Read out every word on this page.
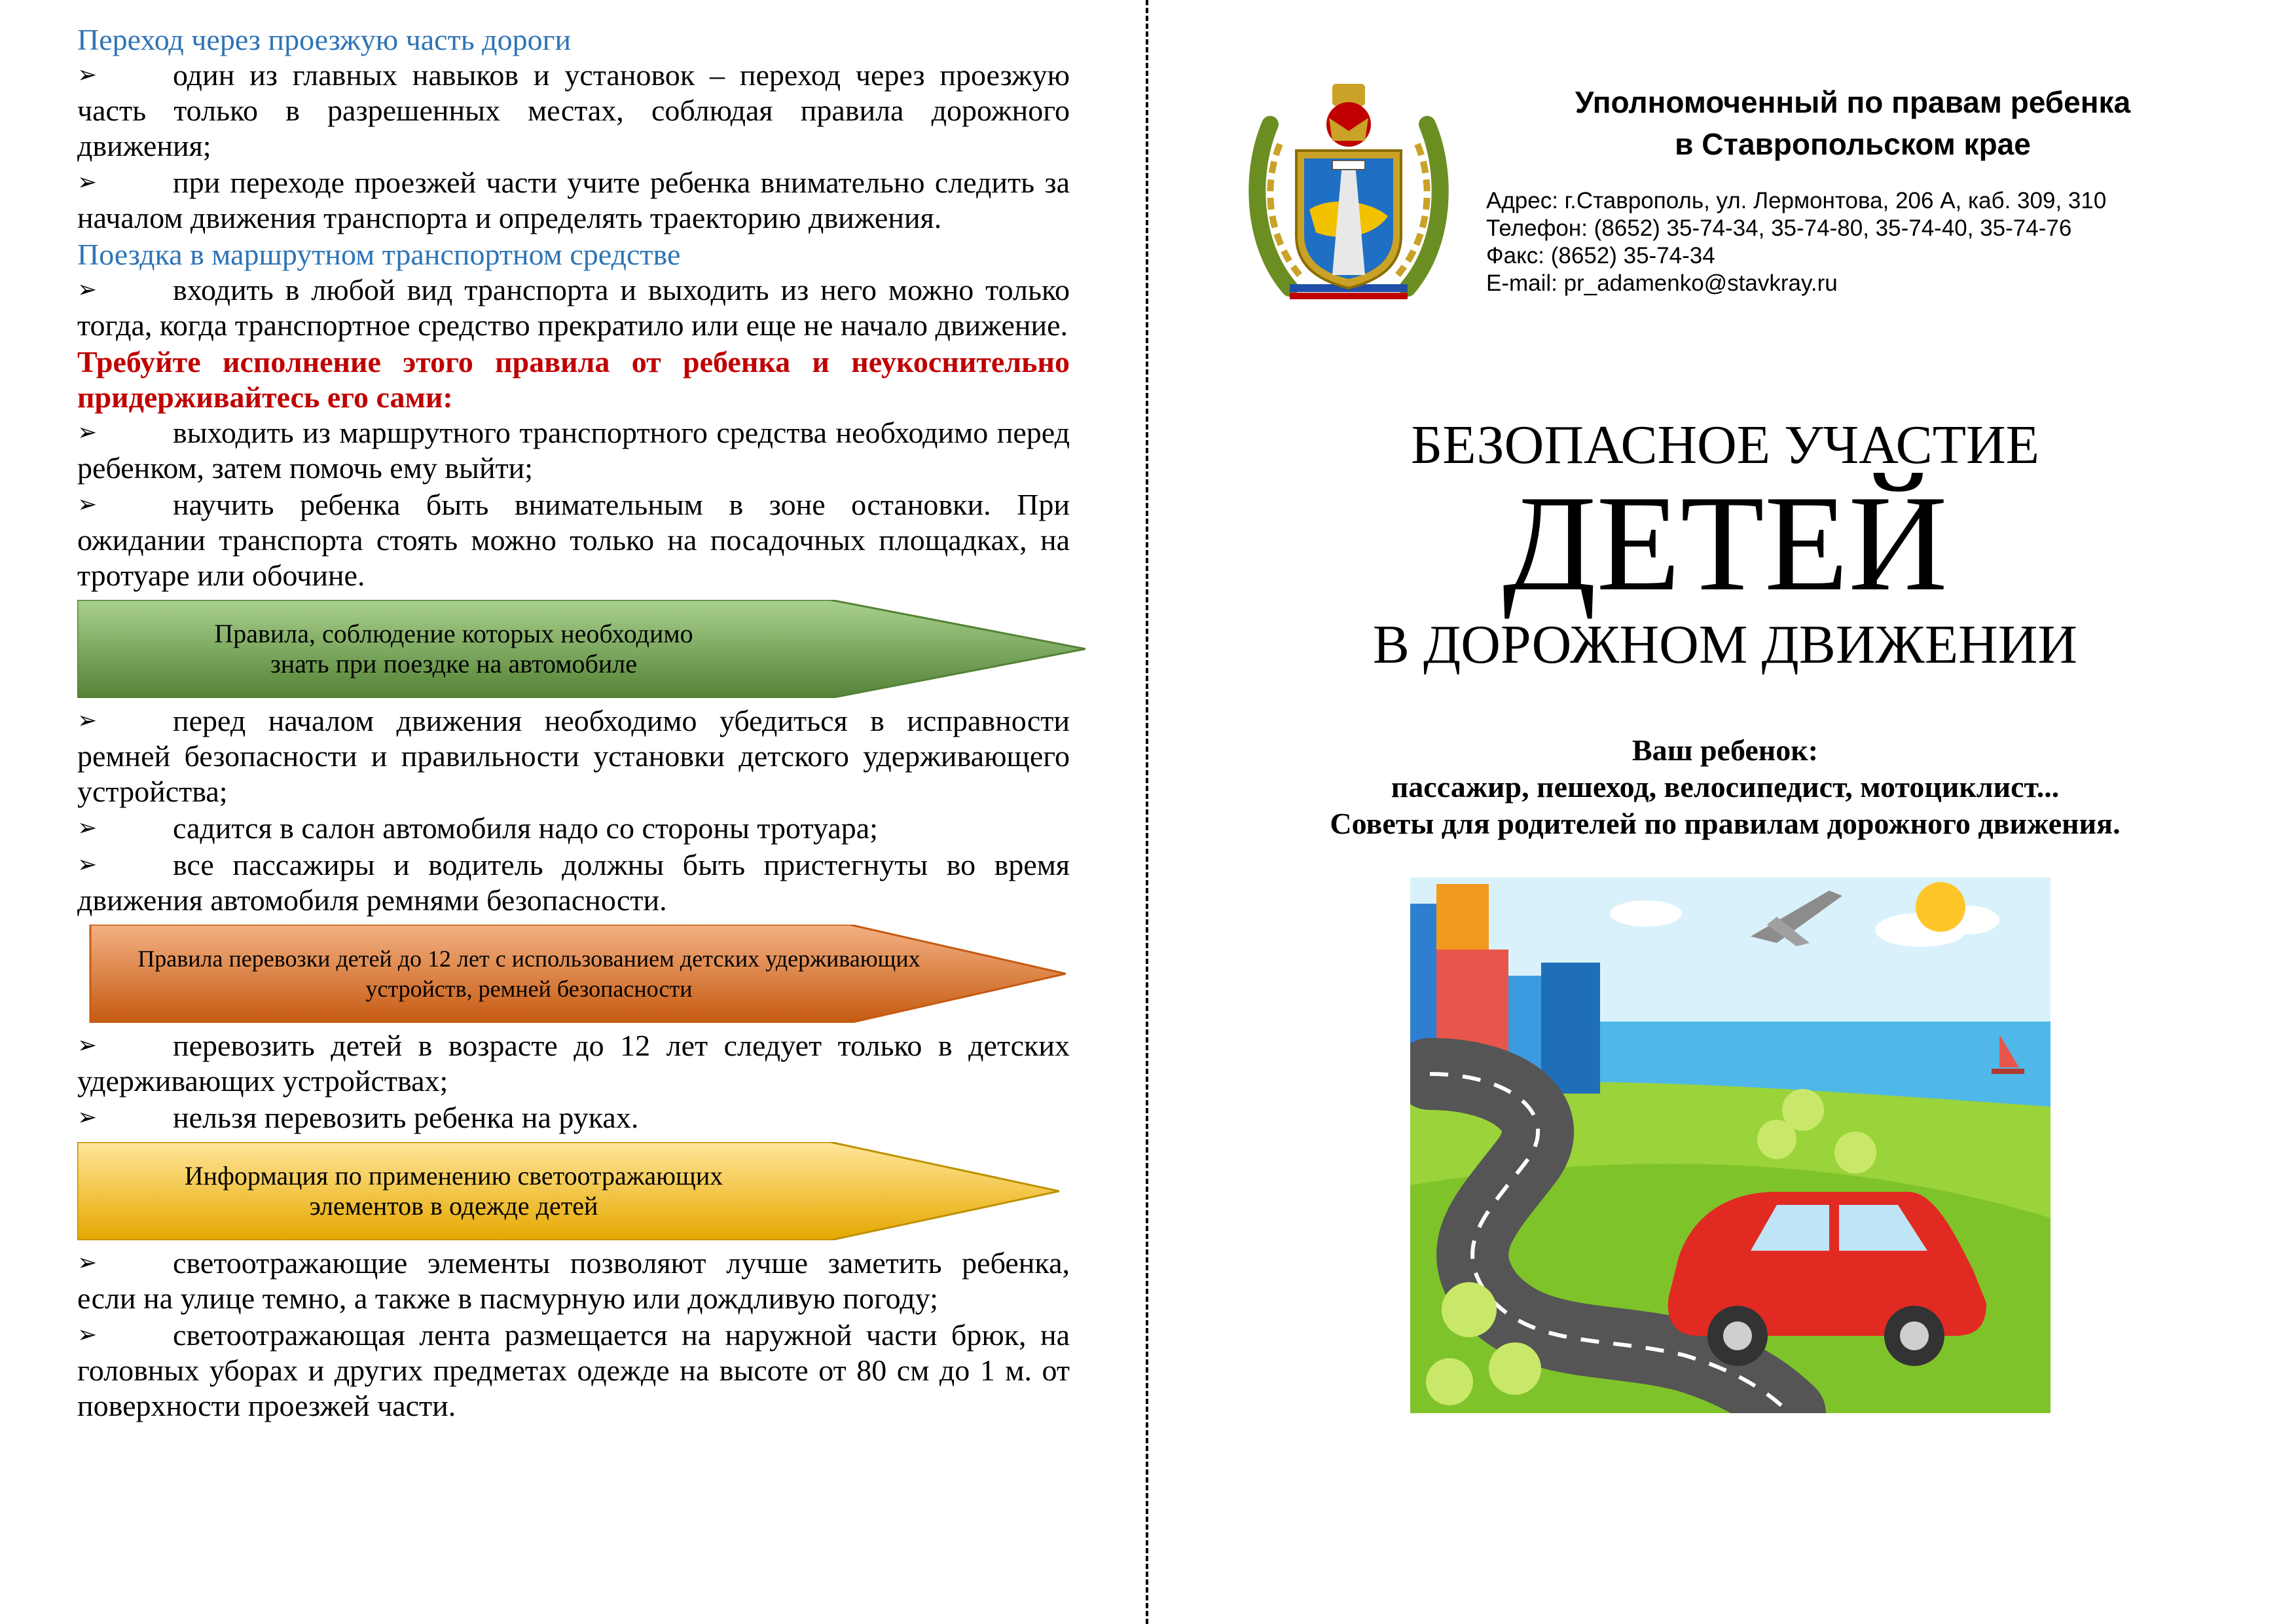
Переход через проезжую часть дороги

➢	один из главных навыков и установок – переход через проезжую часть только в разрешенных местах, соблюдая правила дорожного движения;

➢	при переходе проезжей части учите ребенка внимательно следить за началом движения транспорта и определять траекторию движения.

Поездка в маршрутном транспортном средстве

➢	входить в любой вид транспорта и выходить из него можно только тогда, когда транспортное средство прекратило или еще не начало движение.

Требуйте исполнение этого правила от ребенка и неукоснительно придерживайтесь его сами:

➢	выходить из маршрутного транспортного средства необходимо перед ребенком, затем помочь ему выйти;

➢	научить ребенка быть внимательным в зоне остановки. При ожидании транспорта стоять можно только на посадочных площадках, на тротуаре или обочине.

Правила, соблюдение которых необходимо
знать при поездке на автомобиле

➢	перед началом движения необходимо убедиться в исправности ремней безопасности и правильности установки детского удерживающего устройства;

➢	садится в салон автомобиля надо со стороны тротуара;

➢	все пассажиры и водитель должны быть пристегнуты во время движения автомобиля ремнями безопасности.

Правила перевозки детей до 12 лет с использованием детских удерживающих
устройств, ремней безопасности

➢	перевозить детей в возрасте до 12 лет следует только в детских удерживающих устройствах;

➢	нельзя перевозить ребенка на руках.

Информация по применению светоотражающих
элементов в одежде детей

➢	светоотражающие элементы позволяют лучше заметить ребенка, если на улице темно, а также в пасмурную или дождливую погоду;

➢	светоотражающая лента размещается на наружной части брюк, на головных уборах и других предметах одежде на высоте от 80 см до 1 м. от поверхности проезжей части.

Уполномоченный по правам ребенка
в Ставропольском крае
Адрес: г.Ставрополь, ул. Лермонтова, 206 А, каб. 309, 310
Телефон: (8652) 35-74-34, 35-74-80, 35-74-40, 35-74-76
Факс: (8652) 35-74-34
E-mail: pr_adamenko@stavkray.ru
БЕЗОПАСНОЕ УЧАСТИЕ
ДЕТЕЙ
В ДОРОЖНОМ ДВИЖЕНИИ
Ваш ребенок:
пассажир, пешеход, велосипедист, мотоциклист...
Советы для родителей по правилам дорожного движения.
